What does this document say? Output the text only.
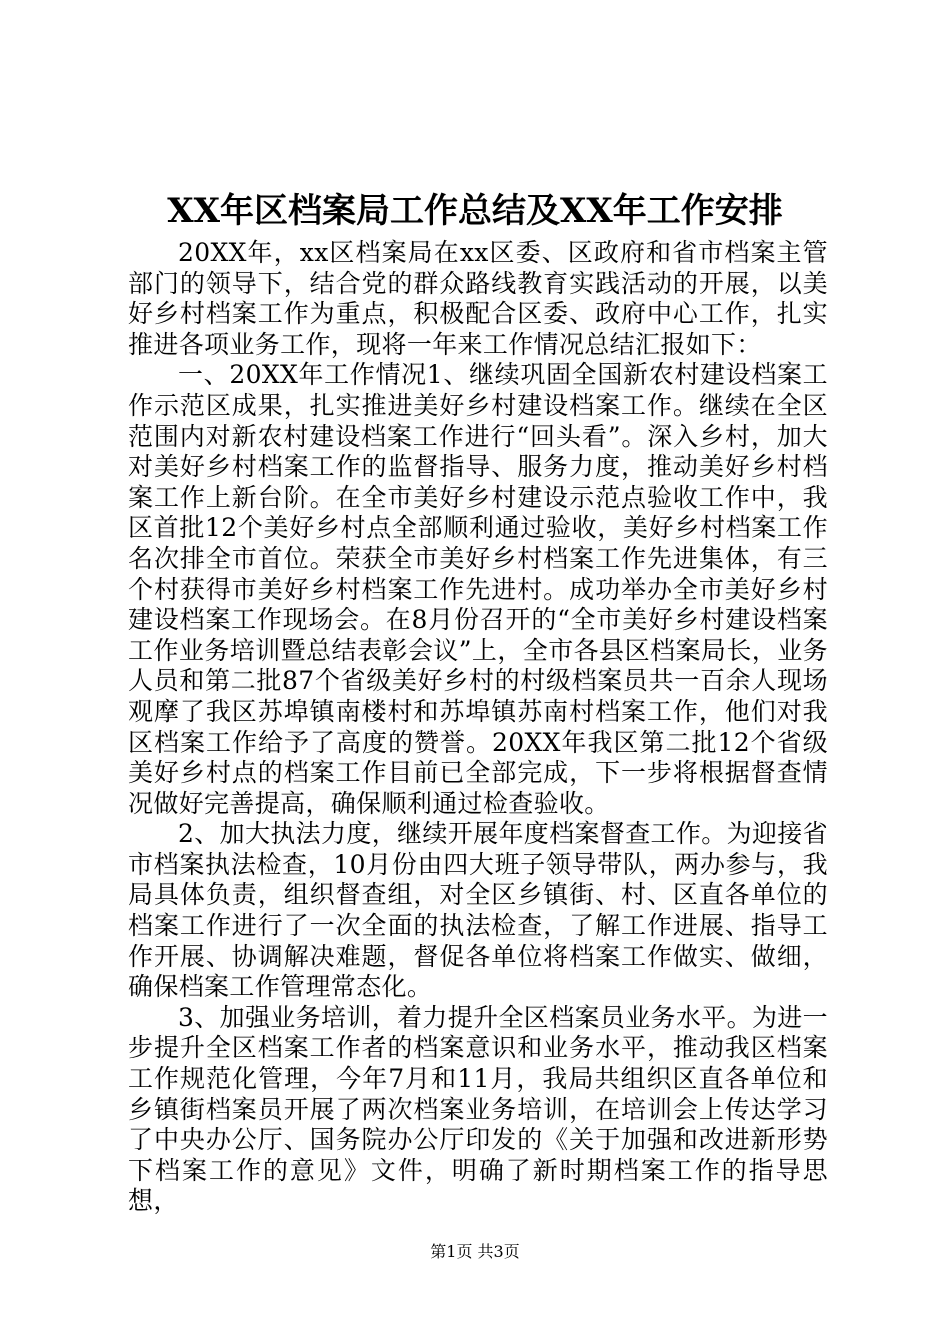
XX年区档案局工作总结及XX年工作安排

20XX年，xx区档案局在xx区委、区政府和省市档案主管部门的领导下，结合党的群众路线教育实践活动的开展，以美好乡村档案工作为重点，积极配合区委、政府中心工作，扎实推进各项业务工作，现将一年来工作情况总结汇报如下：

一、20XX年工作情况1、继续巩固全国新农村建设档案工作示范区成果，扎实推进美好乡村建设档案工作。继续在全区范围内对新农村建设档案工作进行“回头看”。深入乡村，加大对美好乡村档案工作的监督指导、服务力度，推动美好乡村档案工作上新台阶。在全市美好乡村建设示范点验收工作中，我区首批12个美好乡村点全部顺利通过验收，美好乡村档案工作名次排全市首位。荣获全市美好乡村档案工作先进集体，有三个村获得市美好乡村档案工作先进村。成功举办全市美好乡村建设档案工作现场会。在8月份召开的“全市美好乡村建设档案工作业务培训暨总结表彰会议”上，全市各县区档案局长，业务人员和第二批87个省级美好乡村的村级档案员共一百余人现场观摩了我区苏埠镇南楼村和苏埠镇苏南村档案工作，他们对我区档案工作给予了高度的赞誉。20XX年我区第二批12个省级美好乡村点的档案工作目前已全部完成，下一步将根据督查情况做好完善提高，确保顺利通过检查验收。

2、加大执法力度，继续开展年度档案督查工作。为迎接省市档案执法检查，10月份由四大班子领导带队，两办参与，我局具体负责，组织督查组，对全区乡镇街、村、区直各单位的档案工作进行了一次全面的执法检查，了解工作进展、指导工作开展、协调解决难题，督促各单位将档案工作做实、做细，确保档案工作管理常态化。

3、加强业务培训，着力提升全区档案员业务水平。为进一步提升全区档案工作者的档案意识和业务水平，推动我区档案工作规范化管理，今年7月和11月，我局共组织区直各单位和乡镇街档案员开展了两次档案业务培训，在培训会上传达学习了中央办公厅、国务院办公厅印发的《关于加强和改进新形势下档案工作的意见》文件，明确了新时期档案工作的指导思想，

第1页 共3页
